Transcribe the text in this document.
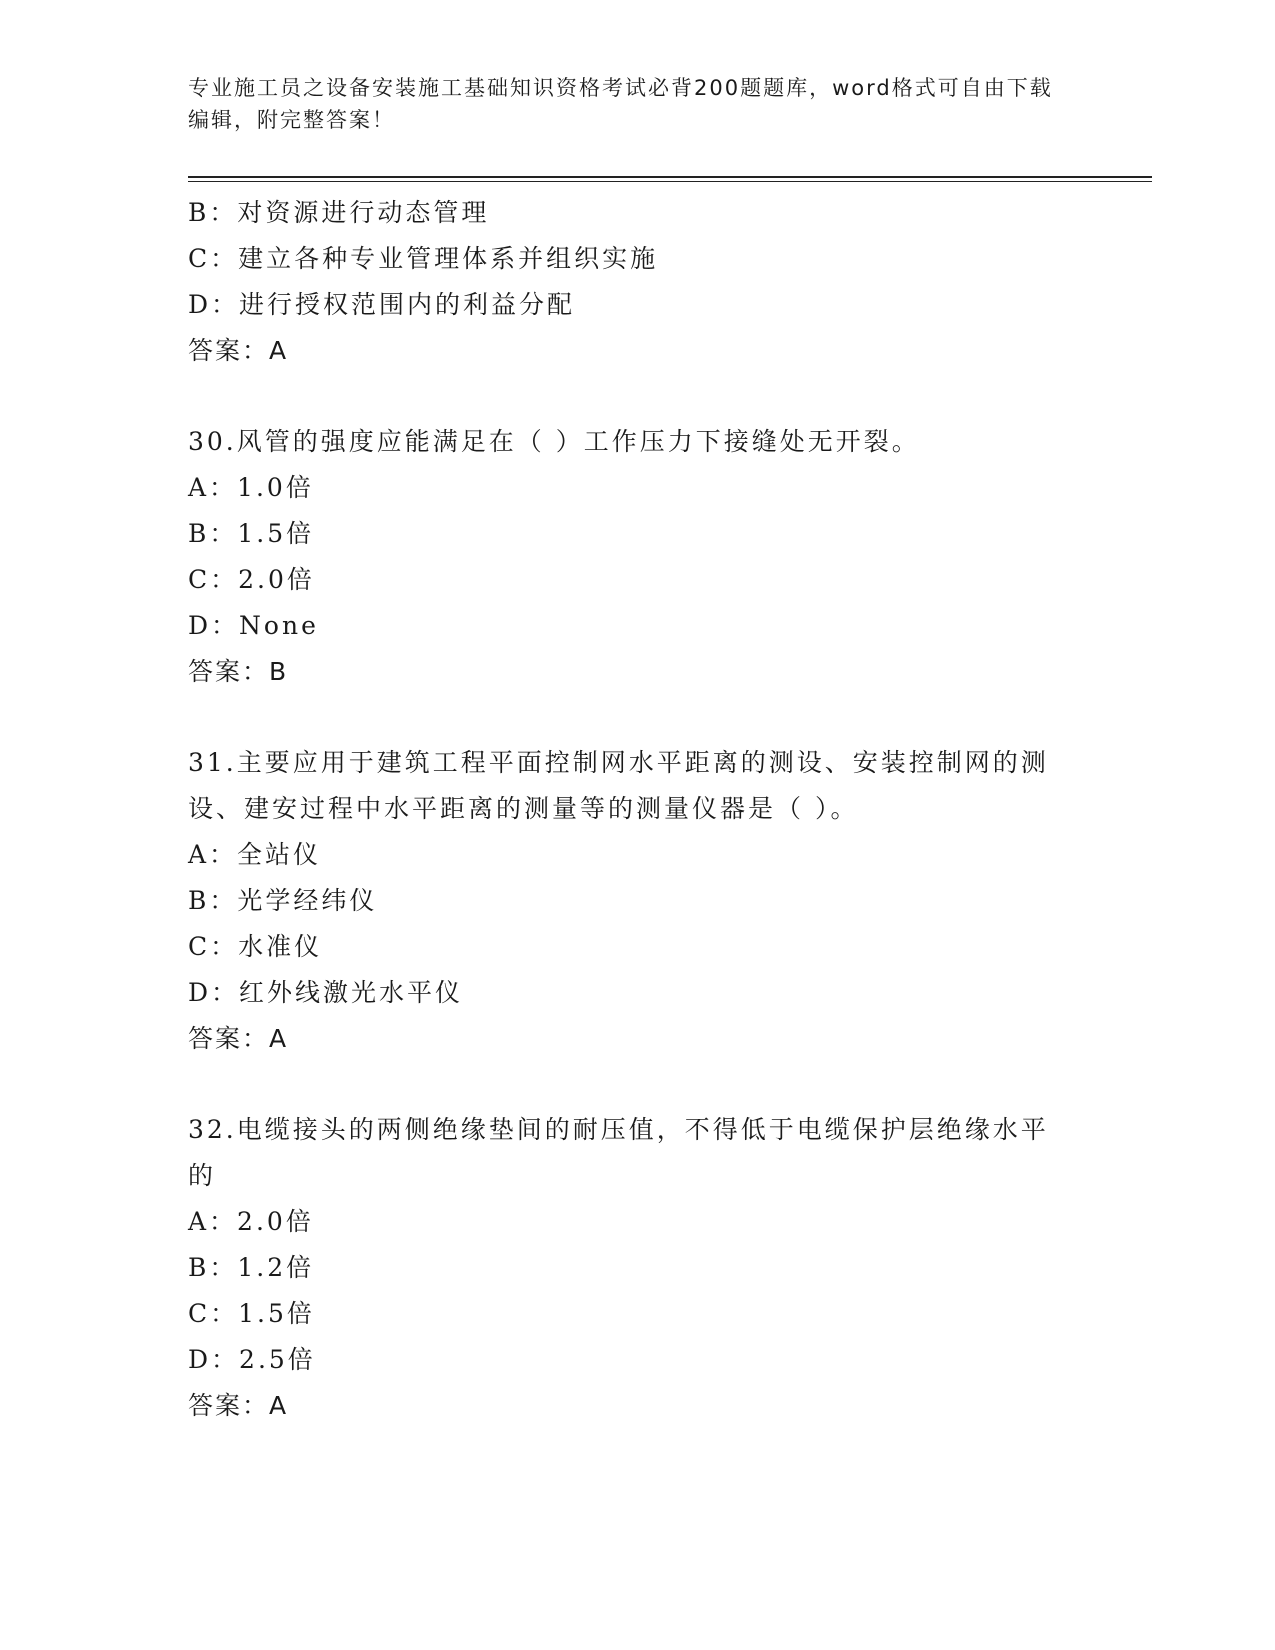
专业施工员之设备安装施工基础知识资格考试必背200题题库，word格式可自由下载编辑，附完整答案！
B：对资源进行动态管理
C：建立各种专业管理体系并组织实施
D：进行授权范围内的利益分配
答案：A
30.风管的强度应能满足在（ ）工作压力下接缝处无开裂。
A：1.0倍
B：1.5倍
C：2.0倍
D：None
答案：B
31.主要应用于建筑工程平面控制网水平距离的测设、安装控制网的测设、建安过程中水平距离的测量等的测量仪器是（ ）。
A：全站仪
B：光学经纬仪
C：水准仪
D：红外线激光水平仪
答案：A
32.电缆接头的两侧绝缘垫间的耐压值，不得低于电缆保护层绝缘水平的
A：2.0倍
B：1.2倍
C：1.5倍
D：2.5倍
答案：A
